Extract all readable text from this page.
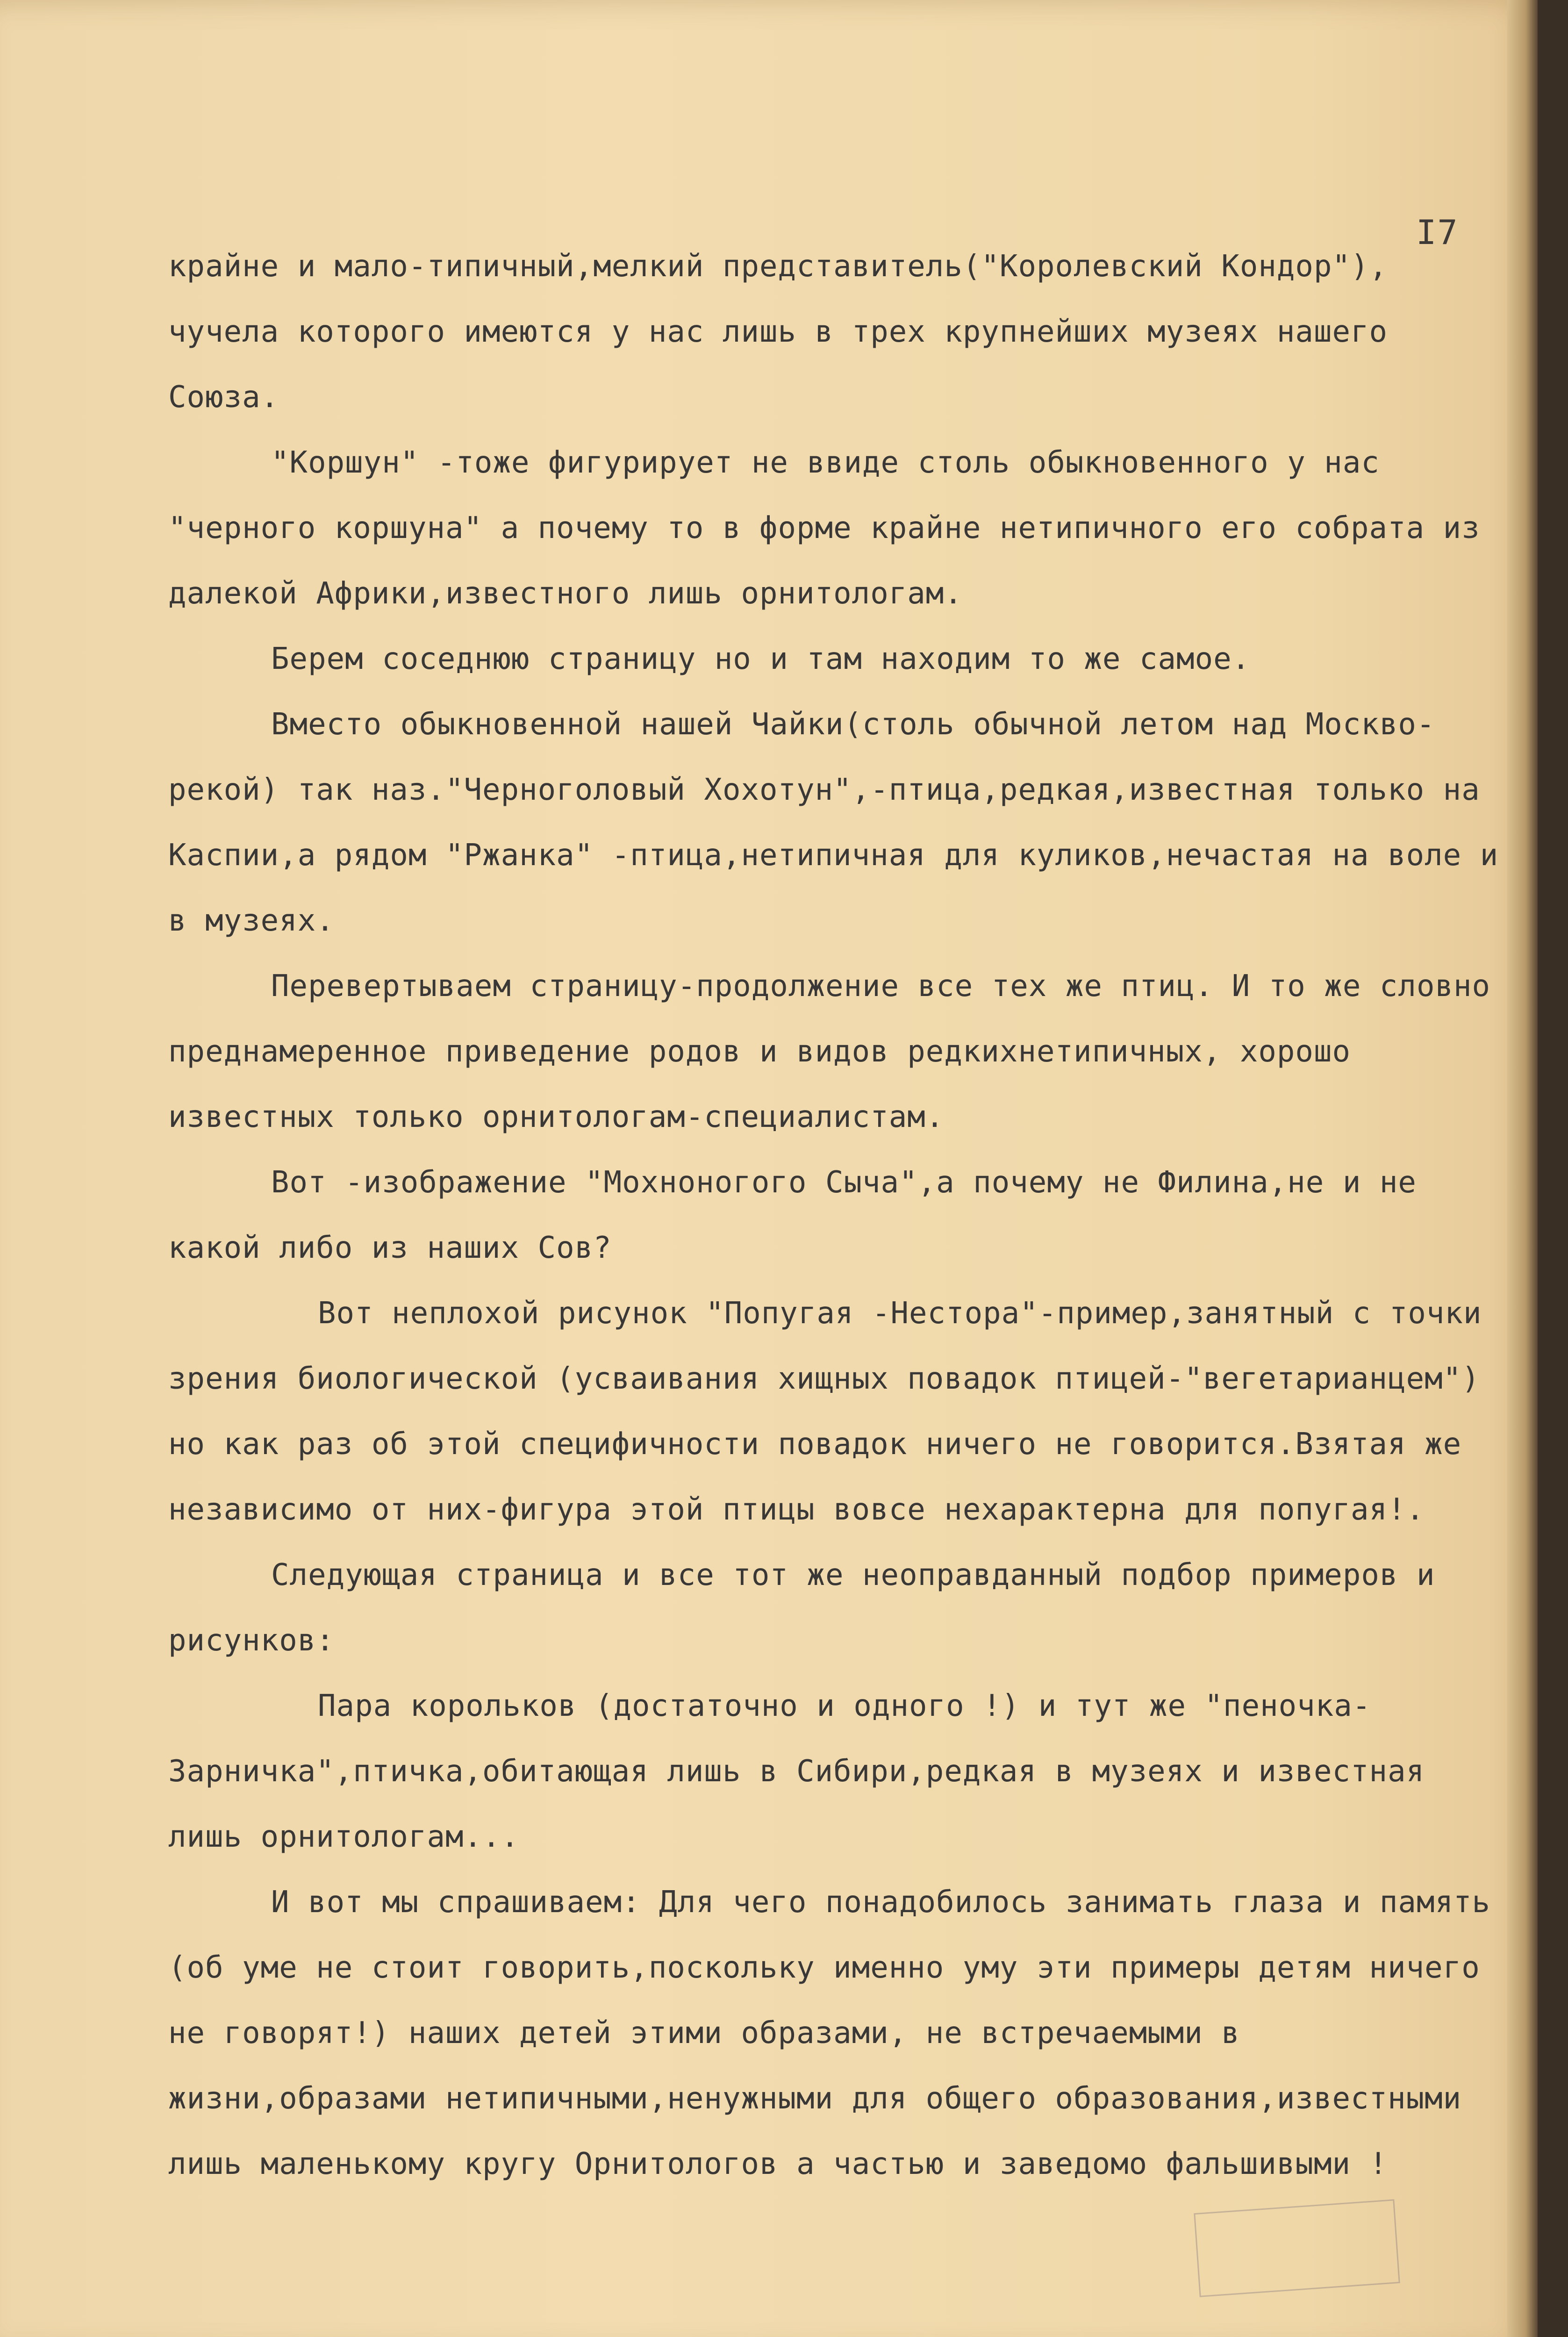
I7

крайне и мало-типичный,мелкий представитель("Королевский Кондор"), чучела которого имеются у нас лишь в трех крупнейших музеях нашего Союза.

"Коршун" -тоже фигурирует не ввиде столь обыкновенного у нас "черного коршуна" а почему то в форме крайне нетипичного его собрата из далекой Африки,известного лишь орнитологам.

Берем соседнюю страницу но и там находим то же самое.

Вместо обыкновенной нашей Чайки(столь обычной летом над Москво-рекой) так наз."Черноголовый Хохотун",-птица,редкая,известная только на Каспии,а рядом "Ржанка" -птица,нетипичная для куликов,нечастая на воле и в музеях.

Перевертываем страницу-продолжение все тех же птиц. И то же словно преднамеренное приведение родов и видов редкихнетипичных, хорошо известных только орнитологам-специалистам.

Вот -изображение "Мохноногого Сыча",а почему не Филина,не и не какой либо из наших Сов?

Вот неплохой рисунок "Попугая -Нестора"-пример,занятный с точки зрения биологической (усваивания хищных повадок птицей-"вегетарианцем") но как раз об этой специфичности повадок ничего не говорится.Взятая же независимо от них-фигура этой птицы вовсе нехарактерна для попугая!.

Следующая страница и все тот же неоправданный подбор примеров и рисунков:

Пара корольков (достаточно и одного !) и тут же "пеночка-Зарничка",птичка,обитающая лишь в Сибири,редкая в музеях и известная лишь орнитологам...

И вот мы спрашиваем: Для чего понадобилось занимать глаза и память (об уме не стоит говорить,поскольку именно уму эти примеры детям ничего не говорят!) наших детей этими образами, не встречаемыми в жизни,образами нетипичными,ненужными для общего образования,известными лишь маленькому кругу Орнитологов а частью и заведомо фальшивыми !
